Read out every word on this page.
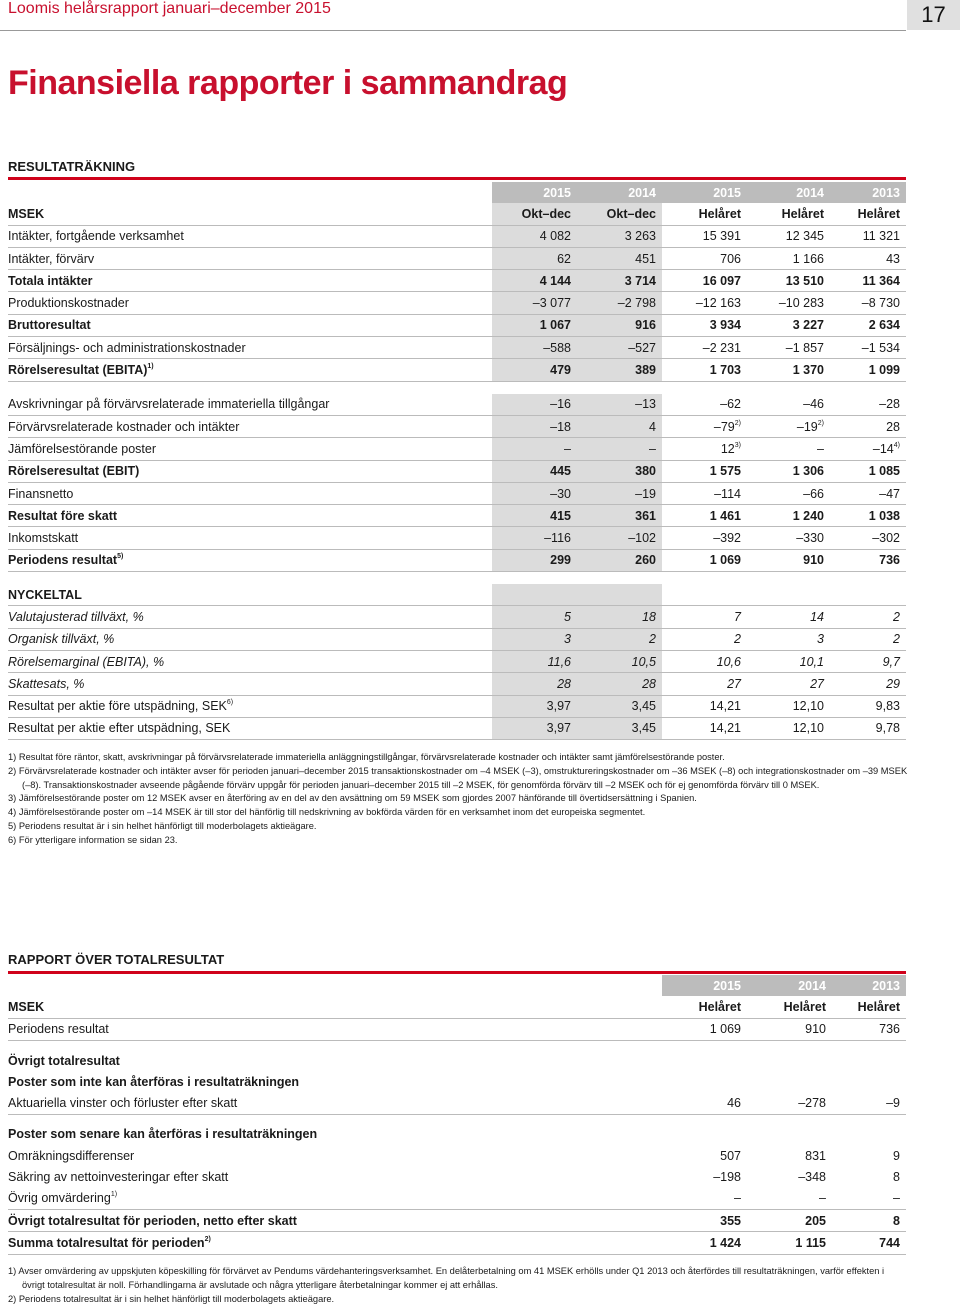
Loomis helårsrapport januari–december 2015	17
Finansiella rapporter i sammandrag
RESULTATRÄKNING
	2015	2014	2015	2014	2013
MSEK	Okt–dec	Okt–dec	Helåret	Helåret	Helåret
Intäkter, fortgående verksamhet	4 082	3 263	15 391	12 345	11 321
Intäkter, förvärv	62	451	706	1 166	43
Totala intäkter	4 144	3 714	16 097	13 510	11 364
Produktionskostnader	–3 077	–2 798	–12 163	–10 283	–8 730
Bruttoresultat	1 067	916	3 934	3 227	2 634
Försäljnings- och administrationskostnader	–588	–527	–2 231	–1 857	–1 534
Rörelseresultat (EBITA)$^{1)}$	479	389	1 703	1 370	1 099

Avskrivningar på förvärvsrelaterade immateriella tillgångar	–16	–13	–62	–46	–28
Förvärvsrelaterade kostnader och intäkter	–18	4	–79$^{2)}$	–19$^{2)}$	28
Jämförelsestörande poster	–	–	12$^{3)}$	–	–14$^{4)}$
Rörelseresultat (EBIT)	445	380	1 575	1 306	1 085
Finansnetto	–30	–19	–114	–66	–47
Resultat före skatt	415	361	1 461	1 240	1 038
Inkomstskatt	–116	–102	–392	–330	–302
Periodens resultat$^{5)}$	299	260	1 069	910	736

NYCKELTAL					
Valutajusterad tillväxt, %	5	18	7	14	2
Organisk tillväxt, %	3	2	2	3	2
Rörelsemarginal (EBITA), %	11,6	10,5	10,6	10,1	9,7
Skattesats, %	28	28	27	27	29
Resultat per aktie före utspädning, SEK$^{6)}$	3,97	3,45	14,21	12,10	9,83
Resultat per aktie efter utspädning, SEK	3,97	3,45	14,21	12,10	9,78
1) Resultat före räntor, skatt, avskrivningar på förvärvsrelaterade immateriella anläggningstillgångar, förvärvsrelaterade kostnader och intäkter samt jämförelsestörande poster.
2) Förvärvsrelaterade kostnader och intäkter avser för perioden januari–december 2015 transaktionskostnader om –4 MSEK (–3), omstruktureringskostnader om –36 MSEK (–8) och integrationskostnader om –39 MSEK (–8). Transaktionskostnader avseende pågående förvärv uppgår för perioden januari–december 2015 till –2 MSEK, för genomförda förvärv till –2 MSEK och för ej genomförda förvärv till 0 MSEK.
3) Jämförelsestörande poster om 12 MSEK avser en återföring av en del av den avsättning om 59 MSEK som gjordes 2007 hänförande till övertidsersättning i Spanien.
4) Jämförelsestörande poster om –14 MSEK är till stor del hänförlig till nedskrivning av bokförda värden för en verksamhet inom det europeiska segmentet.
5) Periodens resultat är i sin helhet hänförligt till moderbolagets aktieägare.
6) För ytterligare information se sidan 23.
RAPPORT ÖVER TOTALRESULTAT
	2015	2014	2013
MSEK	Helåret	Helåret	Helåret
Periodens resultat	1 069	910	736

Övrigt totalresultat			
Poster som inte kan återföras i resultaträkningen			
Aktuariella vinster och förluster efter skatt	46	–278	–9

Poster som senare kan återföras i resultaträkningen			
Omräkningsdifferenser	507	831	9
Säkring av nettoinvesteringar efter skatt	–198	–348	8
Övrig omvärdering$^{1)}$	–	–	–
Övrigt totalresultat för perioden, netto efter skatt	355	205	8
Summa totalresultat för perioden$^{2)}$	1 424	1 115	744
1) Avser omvärdering av uppskjuten köpeskilling för förvärvet av Pendums värdehanteringsverksamhet. En delåterbetalning om 41 MSEK erhölls under Q1 2013 och återfördes till resultaträkningen, varför effekten i övrigt totalresultat är noll. Förhandlingarna är avslutade och några ytterligare återbetalningar kommer ej att erhållas.
2) Periodens totalresultat är i sin helhet hänförligt till moderbolagets aktieägare.
